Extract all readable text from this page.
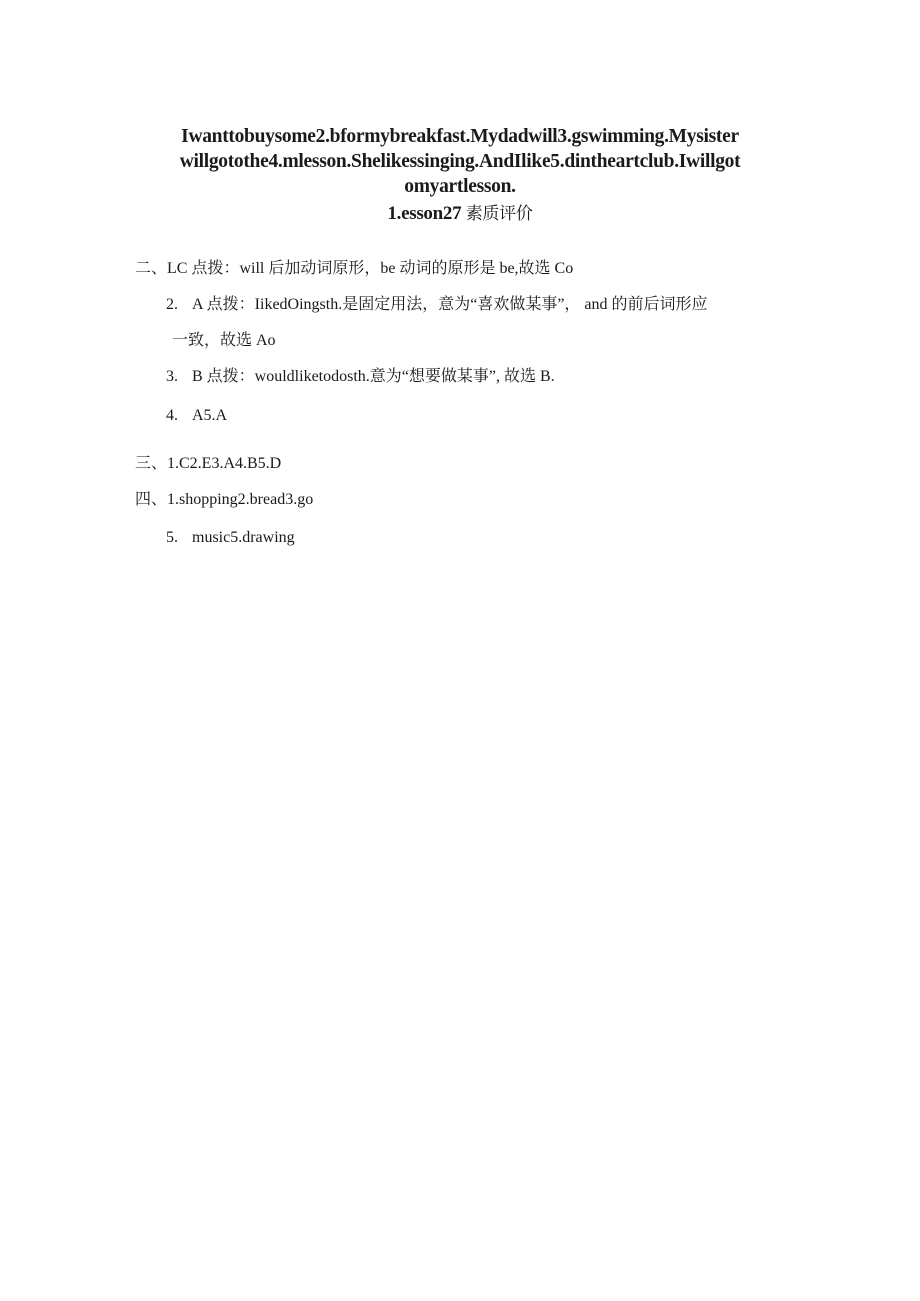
Iwanttobuysome2.bformybreakfast.Mydadwill3.gswimming.Mysister
willgotothe4.mlesson.Shelikessinging.AndIlike5.dintheartclub.Iwillgot
omyartlesson.
1.esson27 素质评价
二、LC 点拨：will 后加动词原形，be 动词的原形是 be,故选 Co
2. A 点拨：IikedOingsth.是固定用法，意为“喜欢做某事”， and 的前后词形应
一致，故选 Ao
3. B 点拨：wouldliketodosth.意为“想要做某事”, 故选 B.
4. A5.A
三、1.C2.E3.A4.B5.D
四、1.shopping2.bread3.go
5. music5.drawing
